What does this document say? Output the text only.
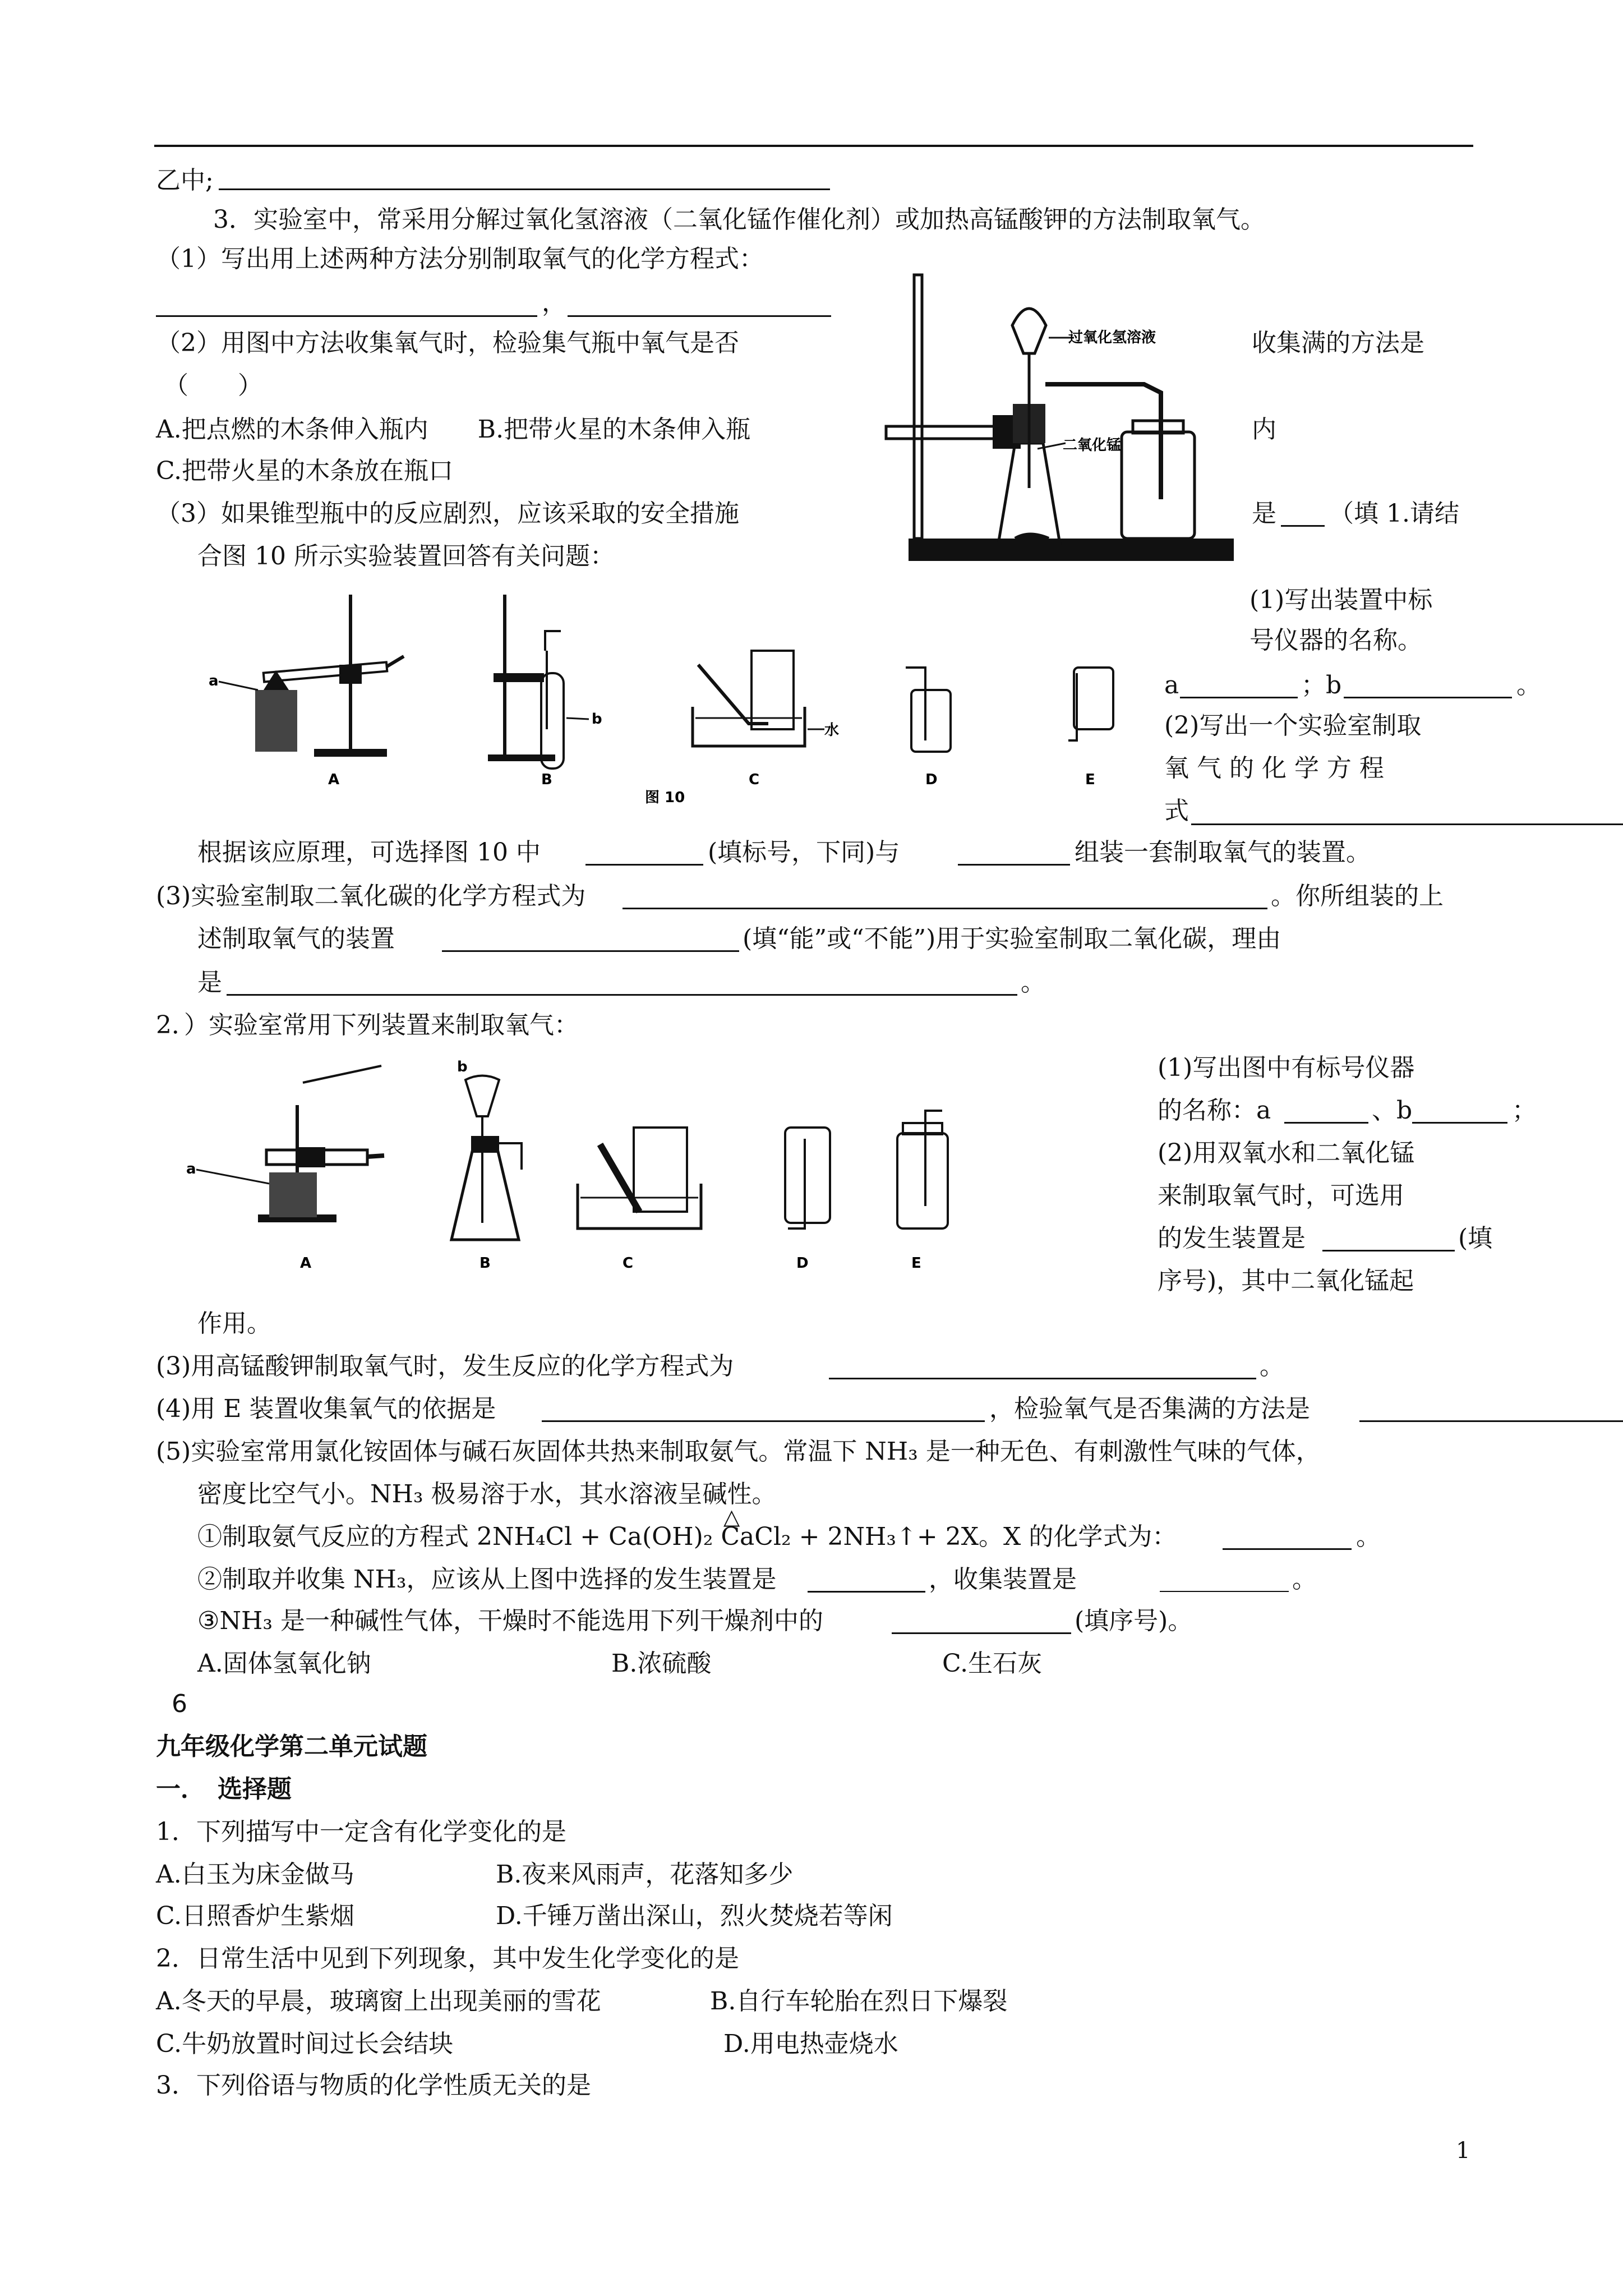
乙中;
3．实验室中，常采用分解过氧化氢溶液（二氧化锰作催化剂）或加热高锰酸钾的方法制取氧气。
（1）写出用上述两种方法分别制取氧气的化学方程式：
，
（2）用图中方法收集氧气时，检验集气瓶中氧气是否	收集满的方法是
（　　）
A.把点燃的木条伸入瓶内　　B.把带火星的木条伸入瓶	内
C.把带火星的木条放在瓶口
（3）如果锥型瓶中的反应剧烈，应该采取的安全措施	是 （填 1.请结
合图 10 所示实验装置回答有关问题：
过氧化氢溶液
二氧化锰
(1)写出装置中标
号仪器的名称。
a	；b	。
(2)写出一个实验室制取
氧 气 的 化 学 方 程
式
a
A
b
B
水
C	D	E
图 10
根据该应原理，可选择图 10 中	(填标号，下同)与	组装一套制取氧气的装置。
(3)实验室制取二氧化碳的化学方程式为	。你所组装的上
述制取氧气的装置	(填“能”或“不能”)用于实验室制取二氧化碳，理由
是	。
2．）实验室常用下列装置来制取氧气：
a
b
A	B	C	D	E
(1)写出图中有标号仪器
的名称：a	、b	；
(2)用双氧水和二氧化锰
来制取氧气时，可选用
的发生装置是	(填
序号)，其中二氧化锰起
作用。
(3)用高锰酸钾制取氧气时，发生反应的化学方程式为	。
(4)用 E 装置收集氧气的依据是	，检验氧气是否集满的方法是
(5)实验室常用氯化铵固体与碱石灰固体共热来制取氨气。常温下 NH₃ 是一种无色、有刺激性气味的气体，
密度比空气小。NH₃ 极易溶于水，其水溶液呈碱性。
△
①制取氨气反应的方程式 2NH₄Cl + Ca(OH)₂ CaCl₂ + 2NH₃↑+ 2X。X 的化学式为：	。
②制取并收集 NH₃，应该从上图中选择的发生装置是	，收集装置是	。
③NH₃ 是一种碱性气体，干燥时不能选用下列干燥剂中的	(填序号)。
A.固体氢氧化钠	B.浓硫酸	C.生石灰
6
九年级化学第二单元试题
一．　选择题
1．下列描写中一定含有化学变化的是
A.白玉为床金做马	B.夜来风雨声，花落知多少
C.日照香炉生紫烟	D.千锤万凿出深山，烈火焚烧若等闲
2．日常生活中见到下列现象，其中发生化学变化的是
A.冬天的早晨，玻璃窗上出现美丽的雪花	B.自行车轮胎在烈日下爆裂
C.牛奶放置时间过长会结块	D.用电热壶烧水
3．下列俗语与物质的化学性质无关的是
1
